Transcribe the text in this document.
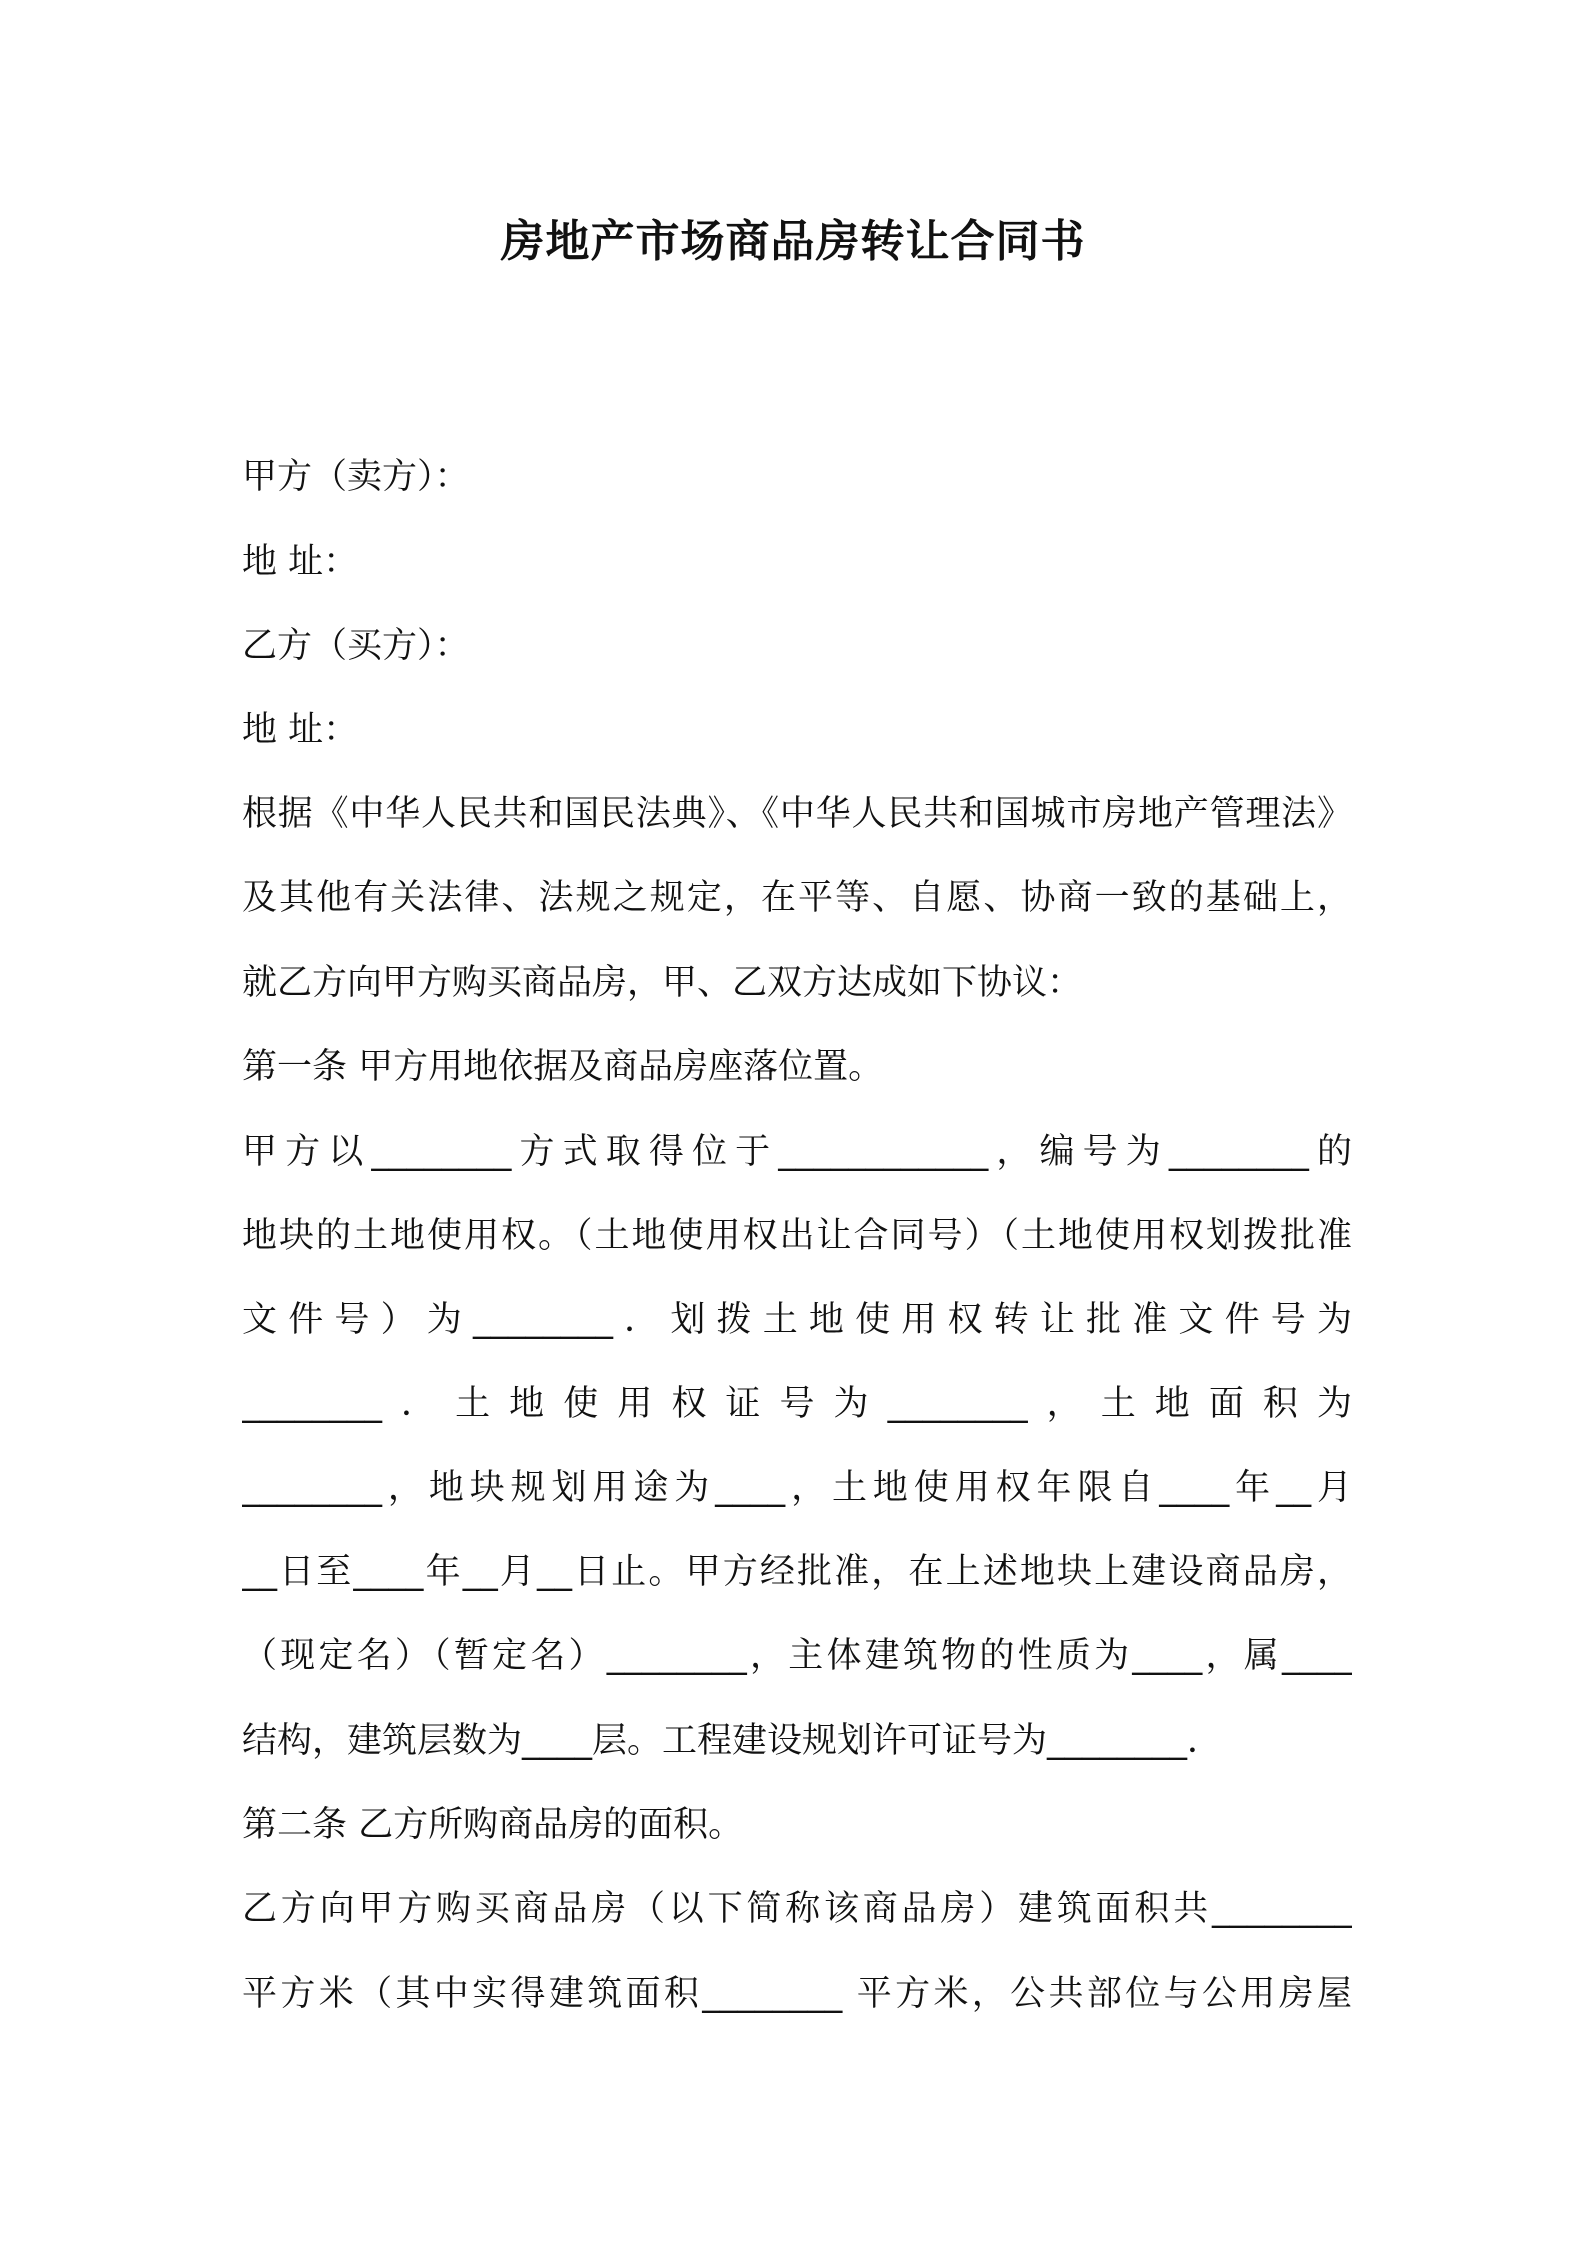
房地产市场商品房转让合同书
甲方（卖方）：
地 址：
乙方（买方）：
地 址：
根据《中华人民共和国民法典》、《中华人民共和国城市房地产管理法》
及其他有关法律、法规之规定，在平等、自愿、协商一致的基础上，
就乙方向甲方购买商品房，甲、乙双方达成如下协议：
第一条 甲方用地依据及商品房座落位置。
甲方以________方式取得位于____________，编号为________的
地块的土地使用权。（土地使用权出让合同号）（土地使用权划拨批准
文件号）为________．划拨土地使用权转让批准文件号为
________．土地使用权证号为________，土地面积为
________，地块规划用途为____，土地使用权年限自____年__月
__日至____年__月__日止。甲方经批准，在上述地块上建设商品房，
（现定名）（暂定名）________，主体建筑物的性质为____，属____
结构，建筑层数为____层。工程建设规划许可证号为________．
第二条 乙方所购商品房的面积。
乙方向甲方购买商品房（以下简称该商品房）建筑面积共________
平方米（其中实得建筑面积________ 平方米，公共部位与公用房屋
